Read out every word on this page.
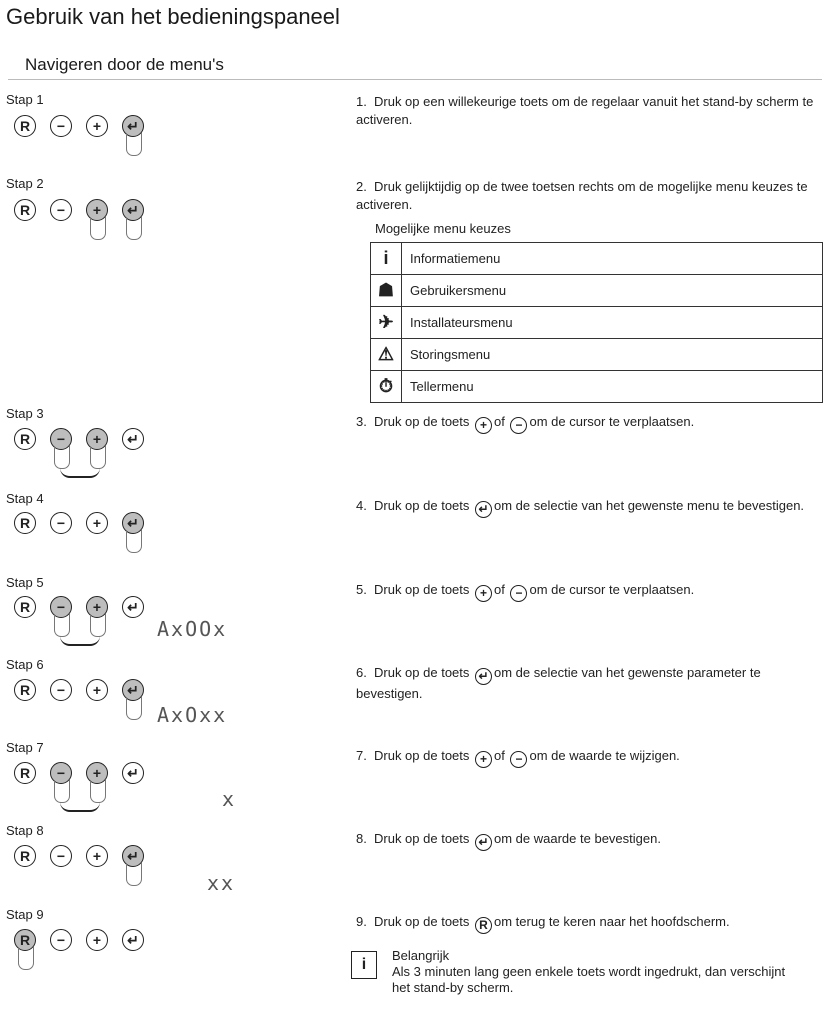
Gebruik van het bedieningspaneel
Navigeren door de menu's
Stap 1
R	−	+	↵
1. Druk op een willekeurige toets om de regelaar vanuit het stand-by scherm te activeren.
Stap 2
R	−	+	↵
2. Druk gelijktijdig op de twee toetsen rechts om de mogelijke menu keuzes te activeren.
Mogelijke menu keuzes
i	Informatiemenu
☗	Gebruikersmenu
✈	Installateursmenu
⚠	Storingsmenu
⏱	Tellermenu
Stap 3
R	−	+	↵
3. Druk op de toets + of − om de cursor te verplaatsen.
Stap 4
R	−	+	↵
4. Druk op de toets ↵ om de selectie van het gewenste menu te bevestigen.
Stap 5
R	−	+	↵
AxOOx
5. Druk op de toets + of − om de cursor te verplaatsen.
Stap 6
R	−	+	↵
AxOxx
6. Druk op de toets ↵ om de selectie van het gewenste parameter te bevestigen.
Stap 7
R	−	+	↵
x
7. Druk op de toets + of − om de waarde te wijzigen.
Stap 8
R	−	+	↵
xx
8. Druk op de toets ↵ om de waarde te bevestigen.
Stap 9
R	−	+	↵
9. Druk op de toets R om terug te keren naar het hoofdscherm.
i
Belangrijk
Als 3 minuten lang geen enkele toets wordt ingedrukt, dan verschijnt het stand-by scherm.
